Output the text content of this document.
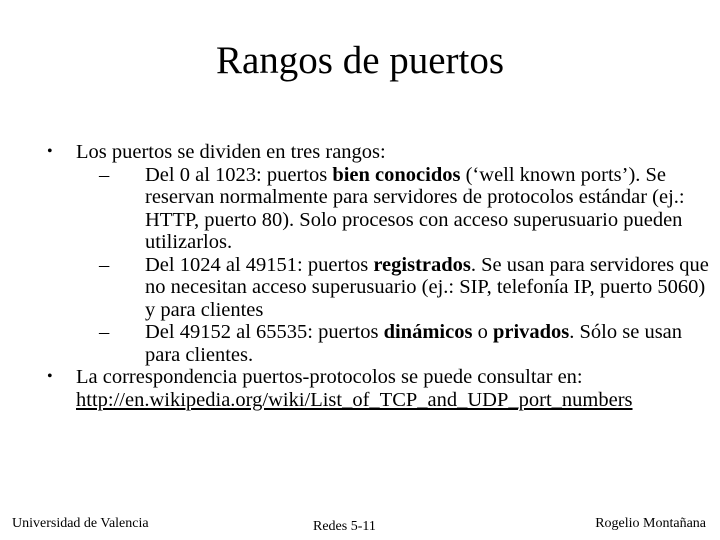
Rangos de puertos
• Los puertos se dividen en tres rangos:
– Del 0 al 1023: puertos bien conocidos (‘well known ports’). Se reservan normalmente para servidores de protocolos estándar (ej.: HTTP, puerto 80). Solo procesos con acceso superusuario pueden utilizarlos.
– Del 1024 al 49151: puertos registrados. Se usan para servidores que no necesitan acceso superusuario (ej.: SIP, telefonía IP, puerto 5060) y para clientes
– Del 49152 al 65535: puertos dinámicos o privados. Sólo se usan para clientes.
• La correspondencia puertos-protocolos se puede consultar en:
http://en.wikipedia.org/wiki/List_of_TCP_and_UDP_port_numbers
Universidad de Valencia	Redes 5-11	Rogelio Montañana
